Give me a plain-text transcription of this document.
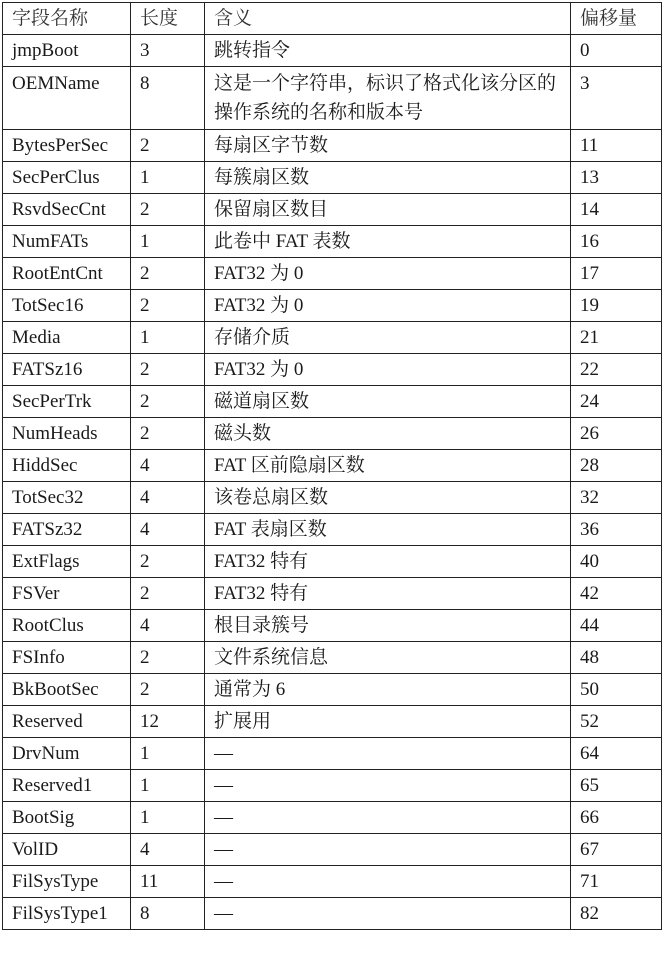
字段名称	长度	含义	偏移量
jmpBoot	3	跳转指令	0
OEMName	8	这是一个字符串，标识了格式化该分区的操作系统的名称和版本号	3
BytesPerSec	2	每扇区字节数	11
SecPerClus	1	每簇扇区数	13
RsvdSecCnt	2	保留扇区数目	14
NumFATs	1	此卷中 FAT 表数	16
RootEntCnt	2	FAT32 为 0	17
TotSec16	2	FAT32 为 0	19
Media	1	存储介质	21
FATSz16	2	FAT32 为 0	22
SecPerTrk	2	磁道扇区数	24
NumHeads	2	磁头数	26
HiddSec	4	FAT 区前隐扇区数	28
TotSec32	4	该卷总扇区数	32
FATSz32	4	FAT 表扇区数	36
ExtFlags	2	FAT32 特有	40
FSVer	2	FAT32 特有	42
RootClus	4	根目录簇号	44
FSInfo	2	文件系统信息	48
BkBootSec	2	通常为 6	50
Reserved	12	扩展用	52
DrvNum	1	—	64
Reserved1	1	—	65
BootSig	1	—	66
VolID	4	—	67
FilSysType	11	—	71
FilSysType1	8	—	82
